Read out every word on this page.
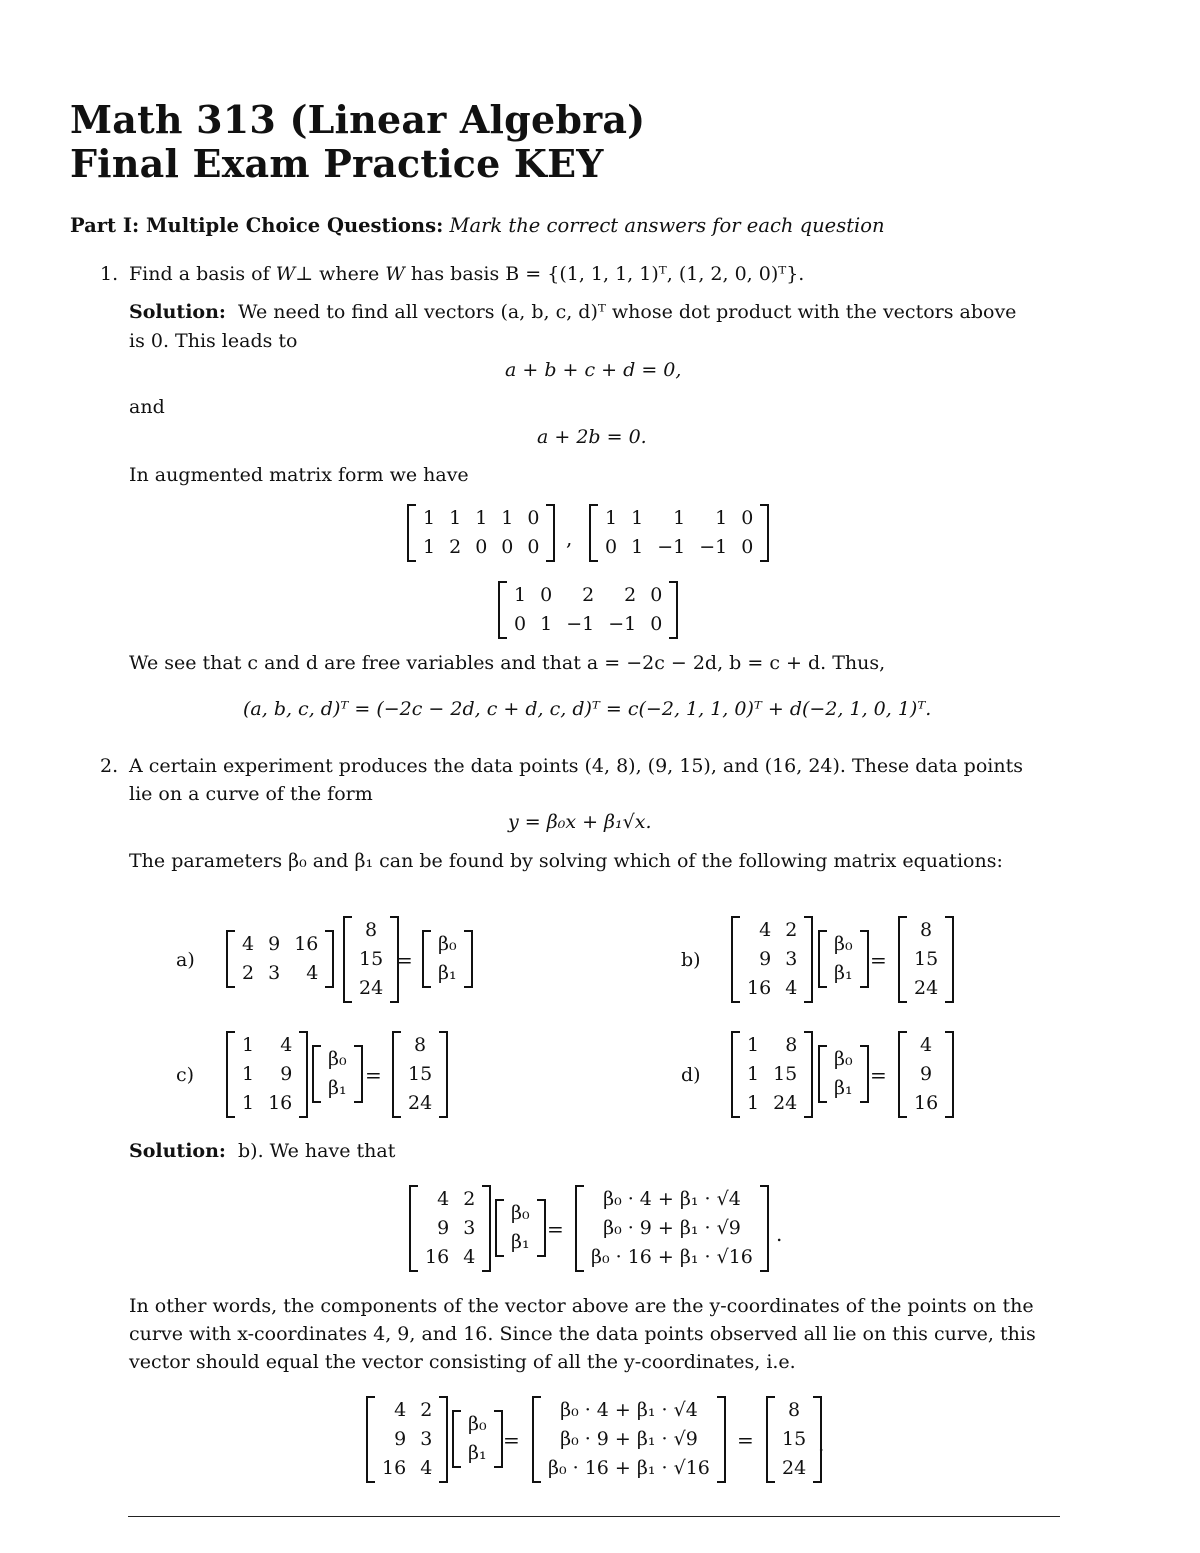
Math 313 (Linear Algebra)
Final Exam Practice KEY
Part I: Multiple Choice Questions: Mark the correct answers for each question
1. Find a basis of W⊥ where W has basis B = {(1, 1, 1, 1)ᵀ, (1, 2, 0, 0)ᵀ}.
Solution: We need to find all vectors (a, b, c, d)ᵀ whose dot product with the vectors above
is 0. This leads to
a + b + c + d = 0,
and
a + 2b = 0.
In augmented matrix form we have
1	1	1	1	0
1	2	0	0	0 ,
1	1	1	1	0
0	1	−1	−1	0
1	0	2	2	0
0	1	−1	−1	0
We see that c and d are free variables and that a = −2c − 2d, b = c + d. Thus,
(a, b, c, d)ᵀ = (−2c − 2d, c + d, c, d)ᵀ = c(−2, 1, 1, 0)ᵀ + d(−2, 1, 0, 1)ᵀ.
2. A certain experiment produces the data points (4, 8), (9, 15), and (16, 24). These data points
lie on a curve of the form
y = β₀x + β₁√x.
The parameters β₀ and β₁ can be found by solving which of the following matrix equations:
a)
4	9	16
2	3	4
8
15
24
=
β₀
β₁
b)
4	2
9	3
16	4
β₀
β₁
=
8
15
24
c)
1	4
1	9
1	16
β₀
β₁
=
8
15
24
d)
1	8
1	15
1	24
β₀
β₁
=
4
9
16
Solution: b). We have that
4	2
9	3
16	4
β₀
β₁
=
β₀ · 4 + β₁ · √4
β₀ · 9 + β₁ · √9
β₀ · 16 + β₁ · √16
.
In other words, the components of the vector above are the y-coordinates of the points on the
curve with x-coordinates 4, 9, and 16. Since the data points observed all lie on this curve, this
vector should equal the vector consisting of all the y-coordinates, i.e.
4	2
9	3
16	4
β₀
β₁
=
β₀ · 4 + β₁ · √4
β₀ · 9 + β₁ · √9
β₀ · 16 + β₁ · √16
=
8
15
24
.
